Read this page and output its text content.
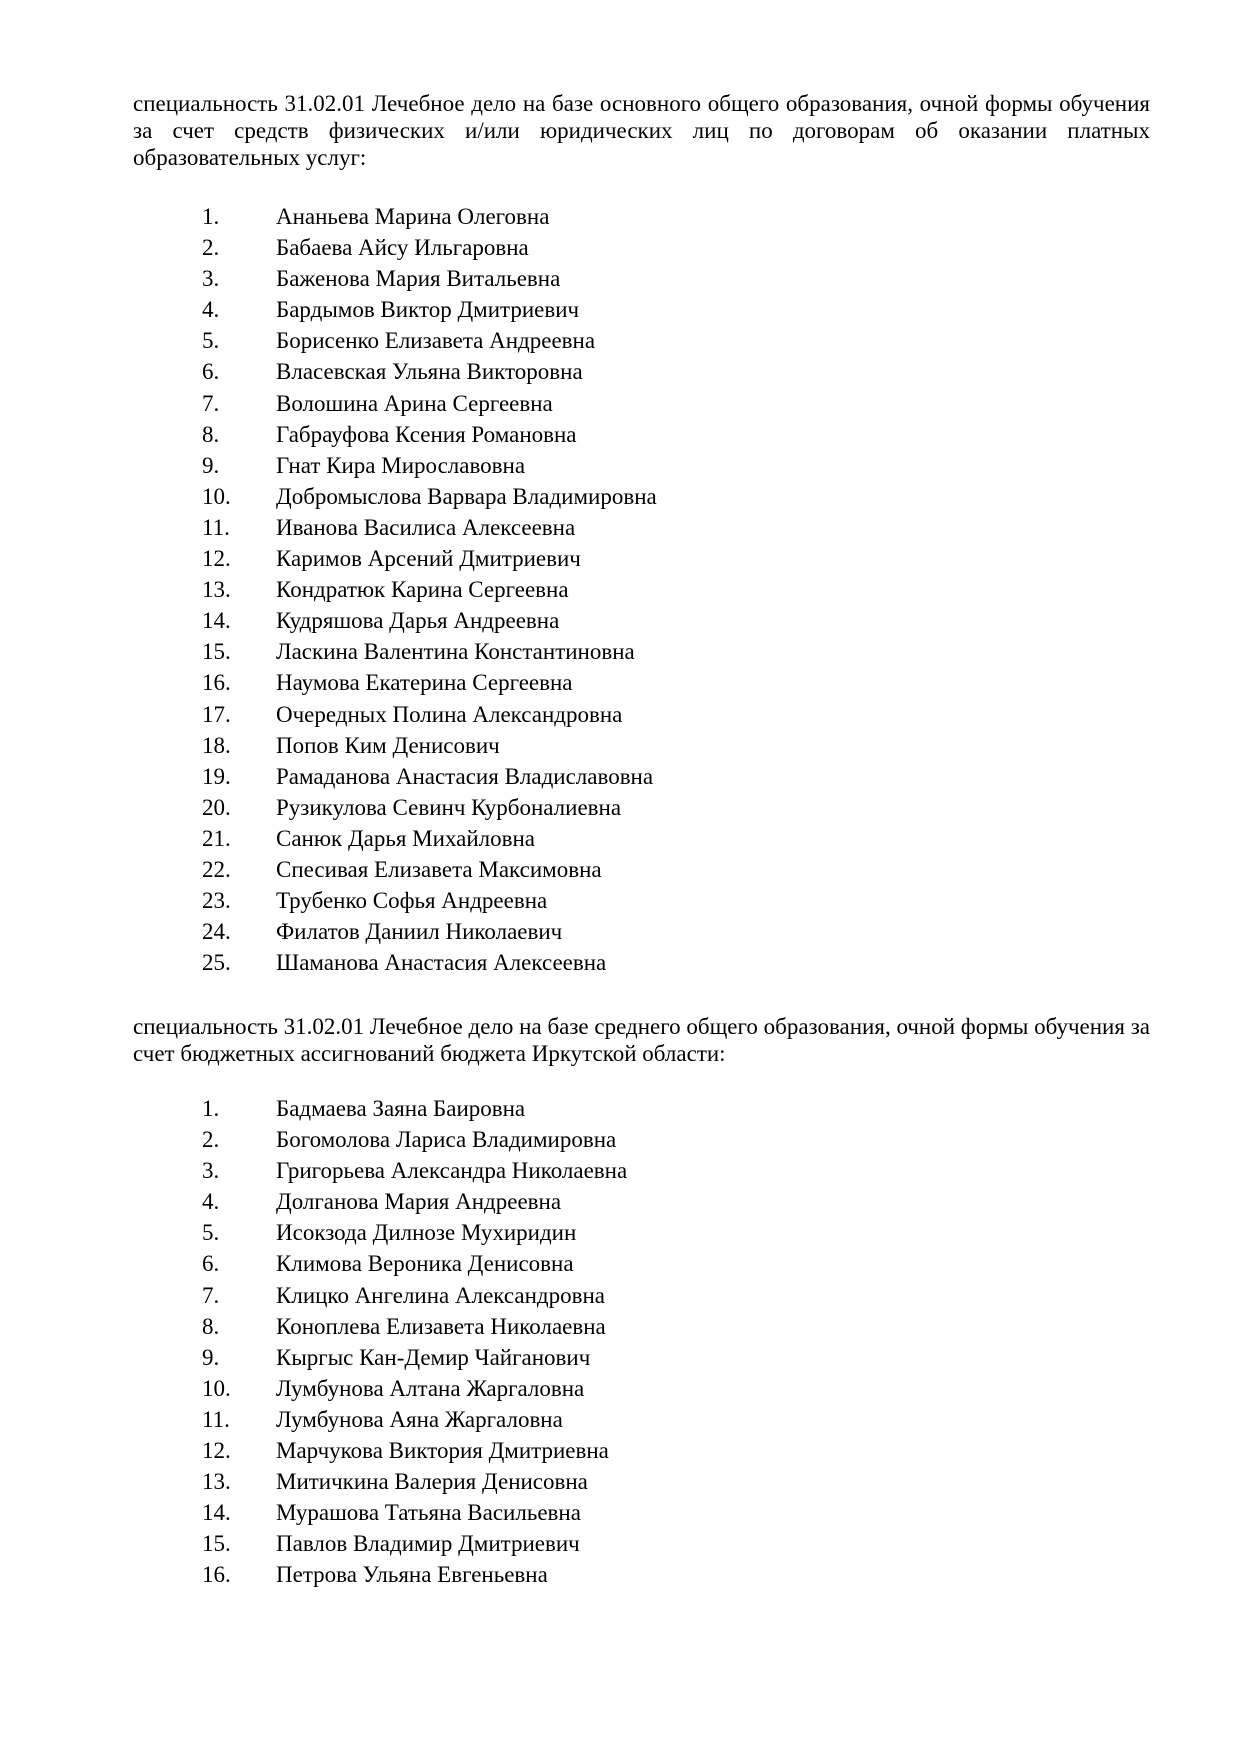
специальность 31.02.01 Лечебное дело на базе основного общего образования, очной формы обучения за счет средств физических и/или юридических лиц по договорам об оказании платных образовательных услуг:
1. Ананьева Марина Олеговна
2. Бабаева Айсу Ильгаровна
3. Баженова Мария Витальевна
4. Бардымов Виктор Дмитриевич
5. Борисенко Елизавета Андреевна
6. Власевская Ульяна Викторовна
7. Волошина Арина Сергеевна
8. Габрауфова Ксения Романовна
9. Гнат Кира Мирославовна
10. Добромыслова Варвара Владимировна
11. Иванова Василиса Алексеевна
12. Каримов Арсений Дмитриевич
13. Кондратюк Карина Сергеевна
14. Кудряшова Дарья Андреевна
15. Ласкина Валентина Константиновна
16. Наумова Екатерина Сергеевна
17. Очередных Полина Александровна
18. Попов Ким Денисович
19. Рамаданова Анастасия Владиславовна
20. Рузикулова Севинч Курбоналиевна
21. Санюк Дарья Михайловна
22. Спесивая Елизавета Максимовна
23. Трубенко Софья Андреевна
24. Филатов Даниил Николаевич
25. Шаманова Анастасия Алексеевна
специальность 31.02.01 Лечебное дело на базе среднего общего образования, очной формы обучения за счет бюджетных ассигнований бюджета Иркутской области:
1. Бадмаева Заяна Баировна
2. Богомолова Лариса Владимировна
3. Григорьева Александра Николаевна
4. Долганова Мария Андреевна
5. Исокзода Дилнозе Мухиридин
6. Климова Вероника Денисовна
7. Клицко Ангелина Александровна
8. Коноплева Елизавета Николаевна
9. Кыргыс Кан-Демир Чайганович
10. Лумбунова Алтана Жаргаловна
11. Лумбунова Аяна Жаргаловна
12. Марчукова Виктория Дмитриевна
13. Митичкина Валерия Денисовна
14. Мурашова Татьяна Васильевна
15. Павлов Владимир Дмитриевич
16. Петрова Ульяна Евгеньевна
